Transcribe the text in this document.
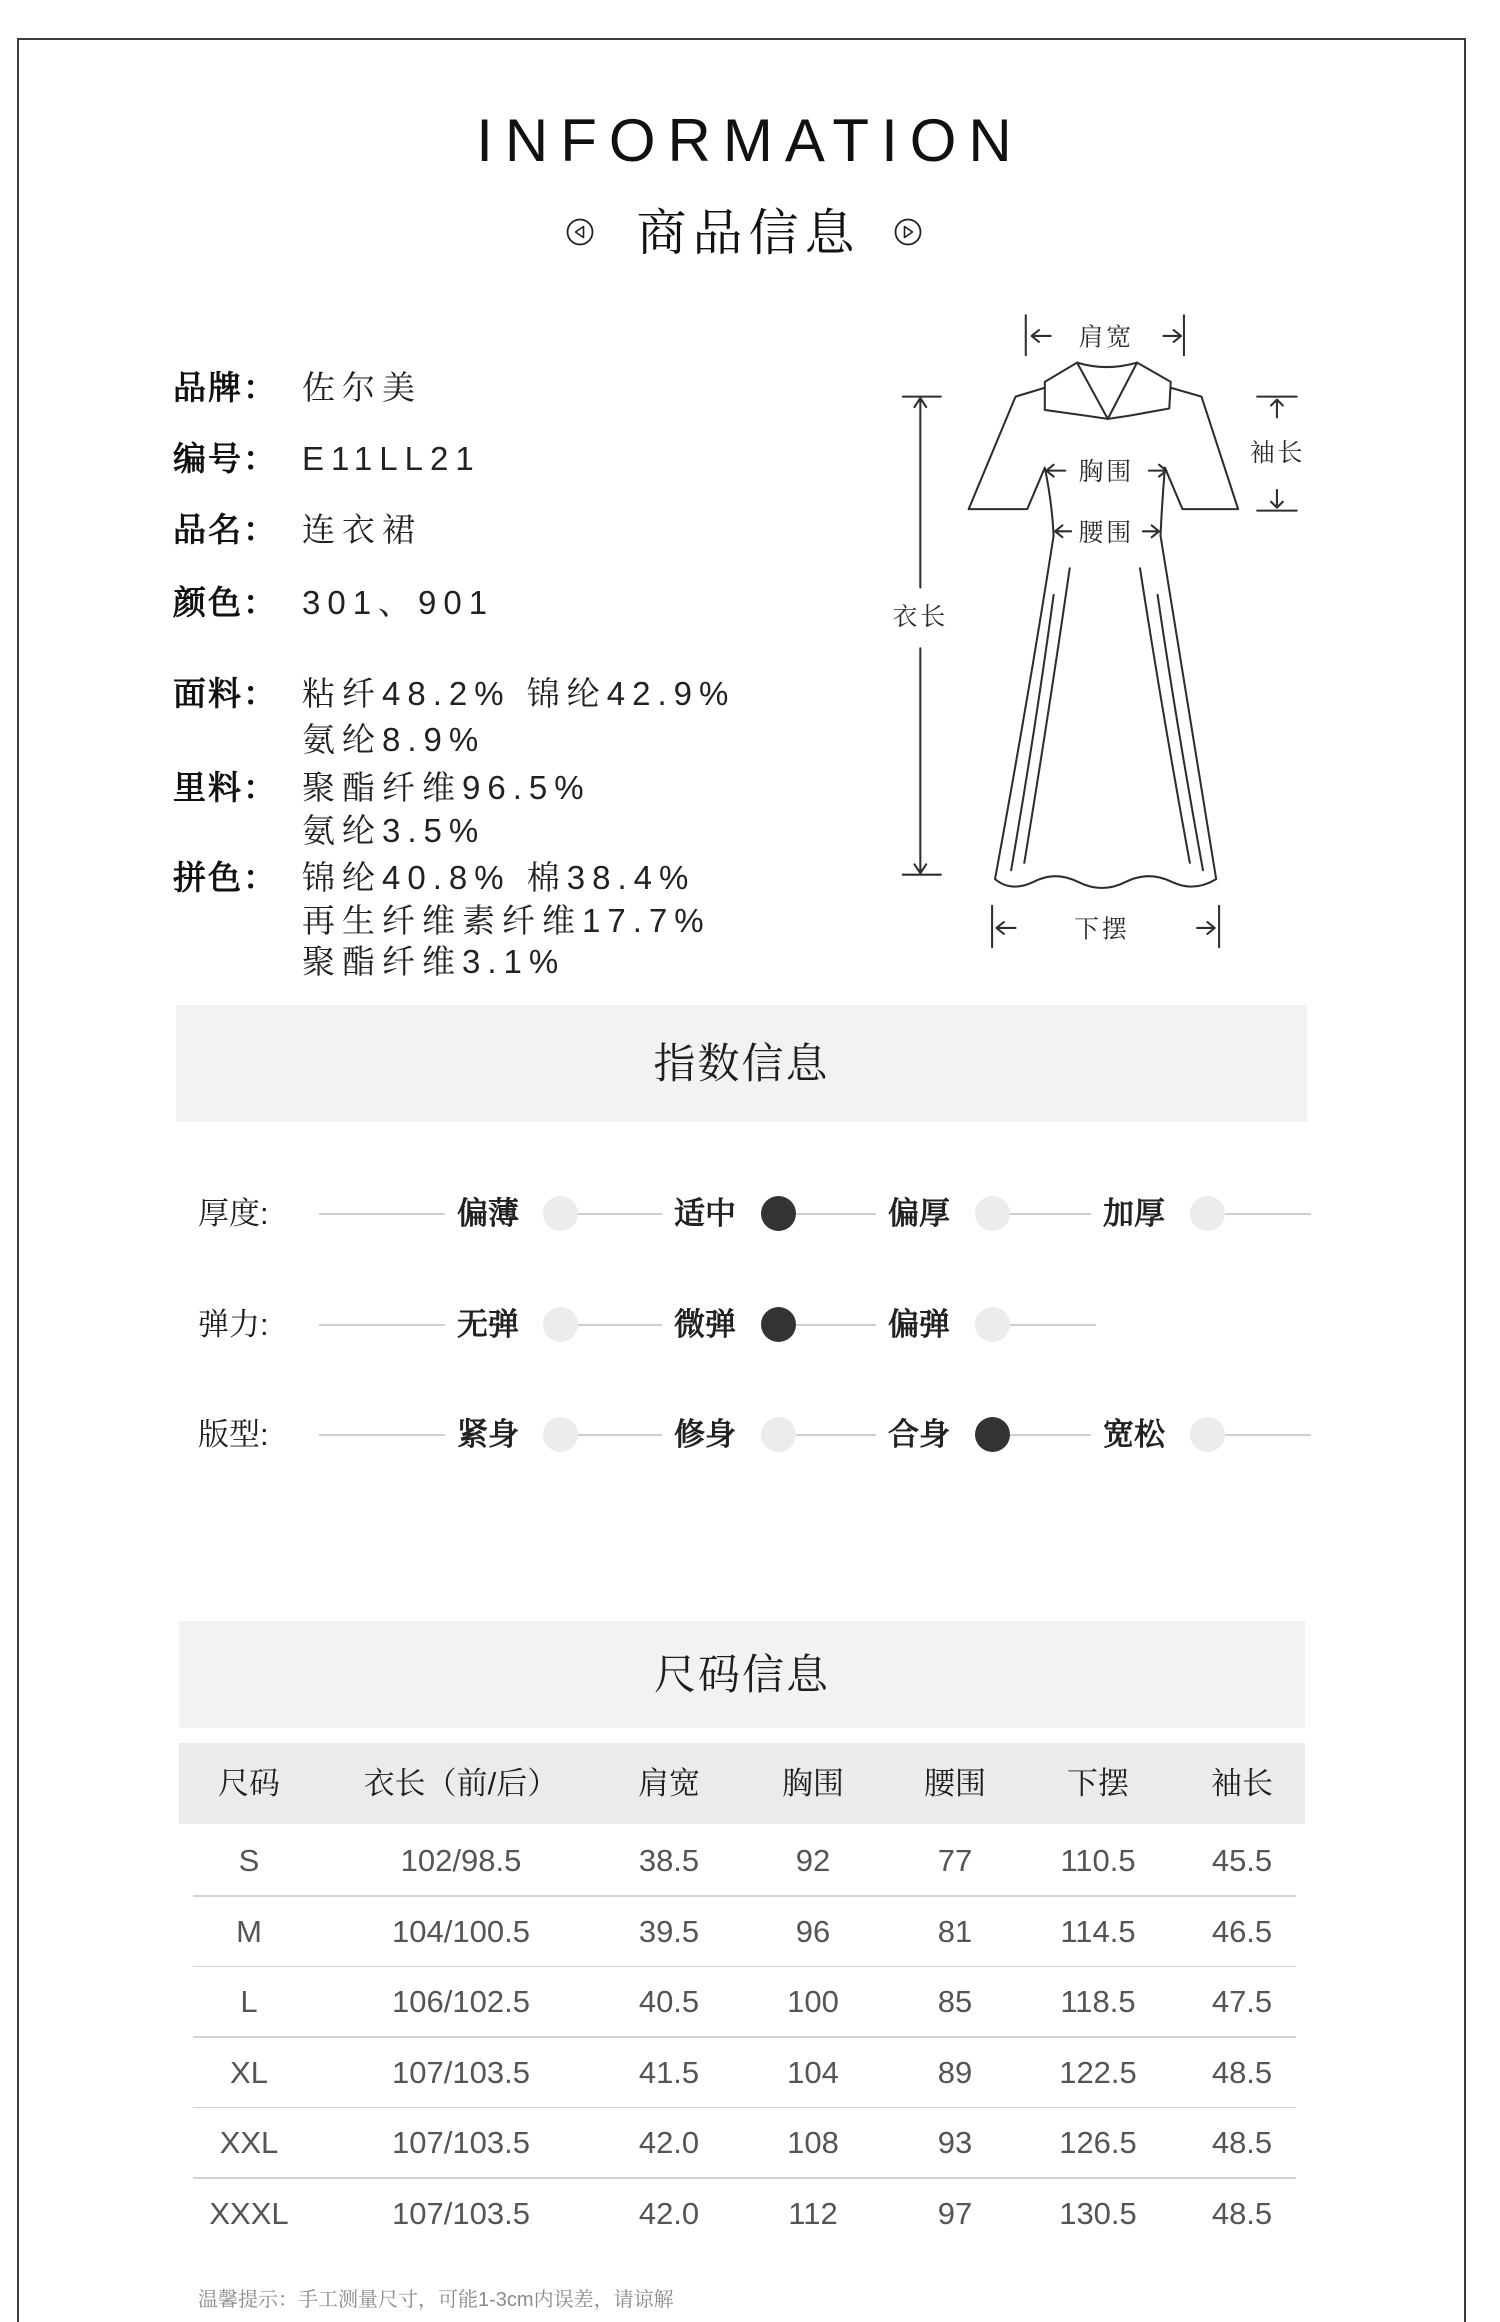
INFORMATION
商品信息
品牌： 佐尔美
编号： E11LL21
品名： 连衣裙
颜色： 301、901
面料： 粘纤48.2% 锦纶42.9%
氨纶8.9%
里料： 聚酯纤维96.5%
氨纶3.5%
拼色： 锦纶40.8% 棉38.4%
再生纤维素纤维17.7%
聚酯纤维3.1%
肩宽
胸围
腰围
衣长
袖长
下摆
指数信息
厚度:	偏薄	适中	偏厚	加厚
弹力:	无弹	微弹	偏弹
版型:	紧身	修身	合身	宽松
尺码信息
尺码	衣长（前/后）	肩宽	胸围	腰围	下摆	袖长
S	102/98.5	38.5	92	77	110.5	45.5
M	104/100.5	39.5	96	81	114.5	46.5
L	106/102.5	40.5	100	85	118.5	47.5
XL	107/103.5	41.5	104	89	122.5	48.5
XXL	107/103.5	42.0	108	93	126.5	48.5
XXXL	107/103.5	42.0	112	97	130.5	48.5
温馨提示：手工测量尺寸，可能1-3cm内误差，请谅解
